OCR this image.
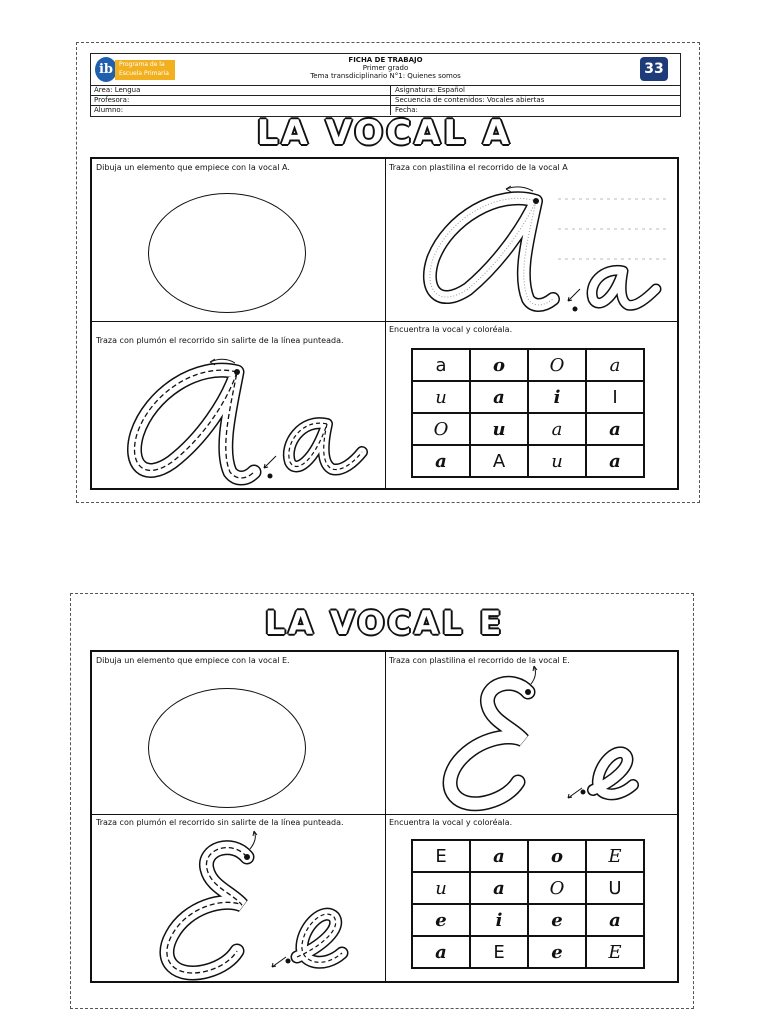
ib Programa de la
Escuela Primaria
FICHA DE TRABAJO
Primer grado
Tema transdiciplinario N°1: Quienes somos	33
Área: Lengua	Asignatura: Español
Profesora:	Secuencia de contenidos: Vocales abiertas
Alumno:	Fecha:
LA VOCAL A
Dibuja un elemento que empiece con la vocal A.	Traza con plastilina el recorrido de la vocal A
Traza con plumón el recorrido sin salirte de la línea punteada.
Encuentra la vocal y coloréala.
a	o	O	a
u	a	i	I
O	u	a	a
a	A	u	a
LA VOCAL E
Dibuja un elemento que empiece con la vocal E.	Traza con plastilina el recorrido de la vocal E.
Traza con plumón el recorrido sin salirte de la línea punteada.	Encuentra la vocal y coloréala.
E	a	o	E
u	a	O	U
e	i	e	a
a	E	e	E
